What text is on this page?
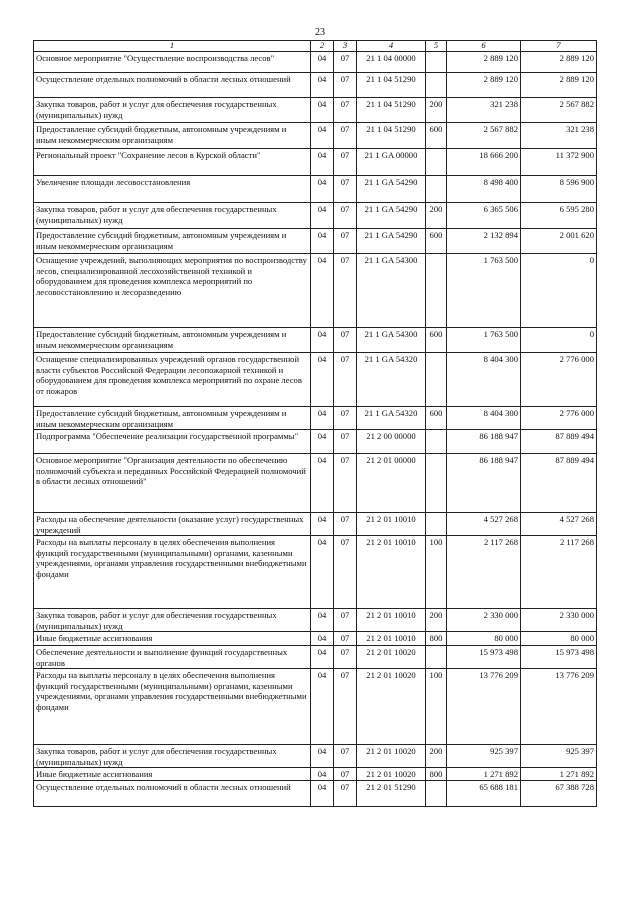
23
1	2	3	4	5	6	7
Основное мероприятие "Осуществление воспроизводства лесов"	04	07	21 1 04 00000		2 889 120	2 889 120
Осуществление отдельных полномочий в области лесных отношений	04	07	21 1 04 51290		2 889 120	2 889 120
Закупка товаров, работ и услуг для обеспечения государственных (муниципальных) нужд	04	07	21 1 04 51290	200	321 238	2 567 882
Предоставление субсидий бюджетным, автономным учреждениям и иным некоммерческим организациям	04	07	21 1 04 51290	600	2 567 882	321 238
Региональный проект "Сохранение лесов в Курской области"	04	07	21 1 GA 00000		18 666 200	11 372 900
Увеличение площади лесовосстановления	04	07	21 1 GA 54290		8 498 400	8 596 900
Закупка товаров, работ и услуг для обеспечения государственных (муниципальных) нужд	04	07	21 1 GA 54290	200	6 365 506	6 595 280
Предоставление субсидий бюджетным, автономным учреждениям и иным некоммерческим организациям	04	07	21 1 GA 54290	600	2 132 894	2 001 620
Оснащение учреждений, выполняющих мероприятия по воспроизводству лесов, специализированной лесохозяйственной техникой и оборудованием для проведения комплекса мероприятий по лесовосстановлению и лесоразведению	04	07	21 1 GA 54300		1 763 500	0
Предоставление субсидий бюджетным, автономным учреждениям и иным некоммерческим организациям	04	07	21 1 GA 54300	600	1 763 500	0
Оснащение специализированных учреждений органов государственной власти субъектов Российской Федерации лесопожарной техникой и оборудованием для проведения комплекса мероприятий по охране лесов от пожаров	04	07	21 1 GA 54320		8 404 300	2 776 000
Предоставление субсидий бюджетным, автономным учреждениям и иным некоммерческим организациям	04	07	21 1 GA 54320	600	8 404 300	2 776 000
Подпрограмма "Обеспечение реализации государственной программы"	04	07	21 2 00 00000		86 188 947	87 889 494
Основное мероприятие "Организация деятельности по обеспечению полномочий субъекта и переданных Российской Федерацией полномочий в области лесных отношений"	04	07	21 2 01 00000		86 188 947	87 889 494
Расходы на обеспечение деятельности (оказание услуг) государственных учреждений	04	07	21 2 01 10010		4 527 268	4 527 268
Расходы на выплаты персоналу в целях обеспечения выполнения функций государственными (муниципальными) органами, казенными учреждениями, органами управления государственными внебюджетными фондами	04	07	21 2 01 10010	100	2 117 268	2 117 268
Закупка товаров, работ и услуг для обеспечения государственных (муниципальных) нужд	04	07	21 2 01 10010	200	2 330 000	2 330 000
Иные бюджетные ассигнования	04	07	21 2 01 10010	800	80 000	80 000
Обеспечение деятельности и выполнение функций государственных органов	04	07	21 2 01 10020		15 973 498	15 973 498
Расходы на выплаты персоналу в целях обеспечения выполнения функций государственными (муниципальными) органами, казенными учреждениями, органами управления государственными внебюджетными фондами	04	07	21 2 01 10020	100	13 776 209	13 776 209
Закупка товаров, работ и услуг для обеспечения государственных (муниципальных) нужд	04	07	21 2 01 10020	200	925 397	925 397
Иные бюджетные ассигнования	04	07	21 2 01 10020	800	1 271 892	1 271 892
Осуществление отдельных полномочий в области лесных отношений	04	07	21 2 01 51290		65 688 181	67 388 728
